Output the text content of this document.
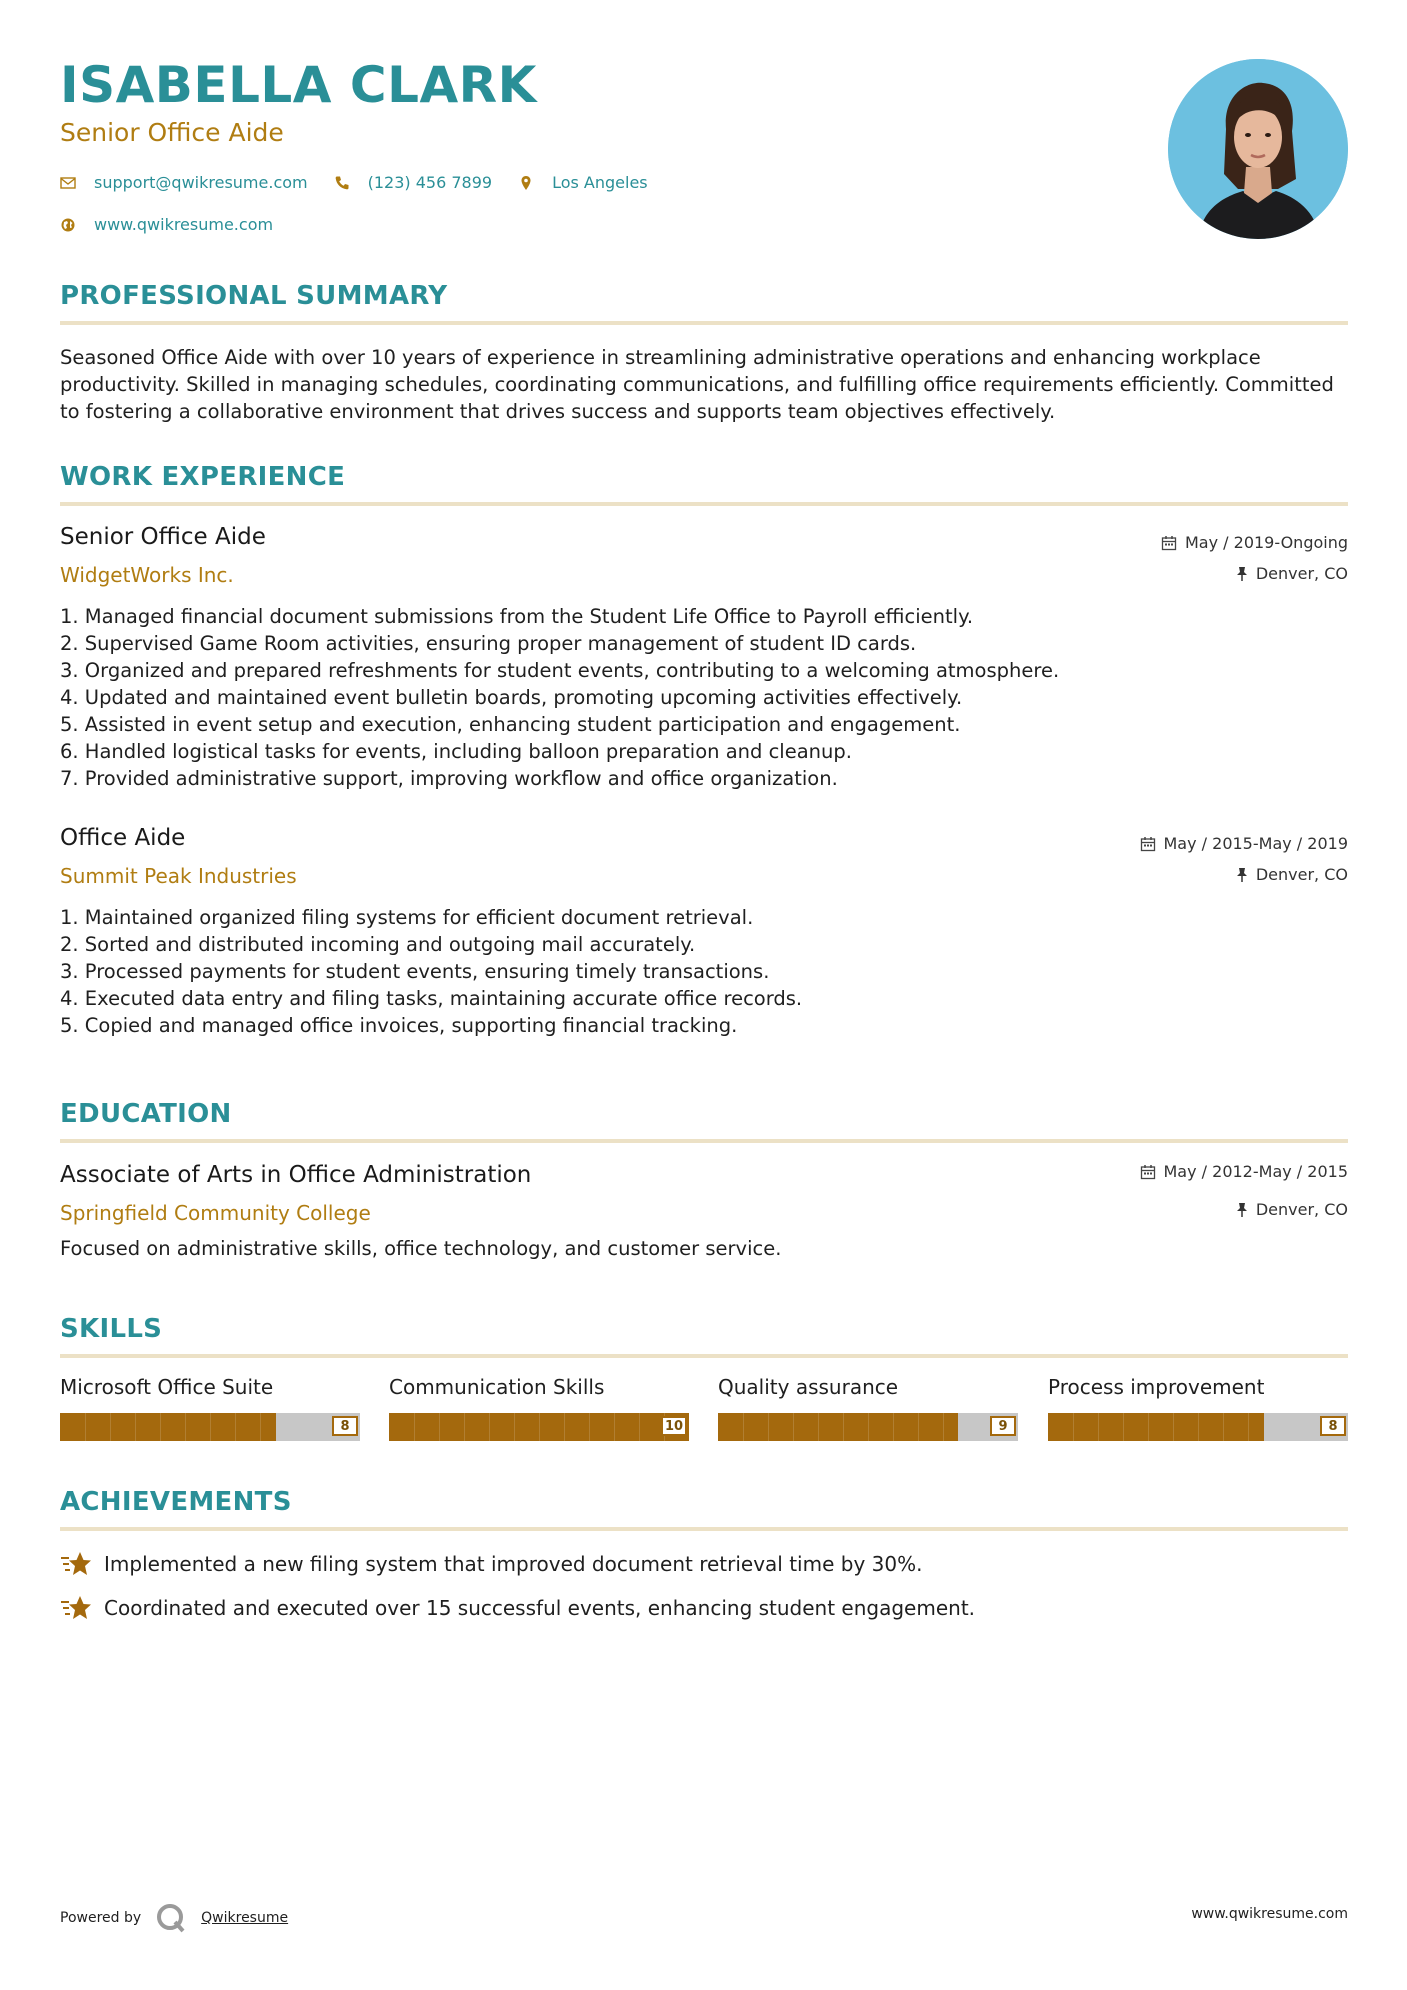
ISABELLA CLARK

Senior Office Aide

support@qwikresume.com	(123) 456 7899	Los Angeles
www.qwikresume.com
PROFESSIONAL SUMMARY

Seasoned Office Aide with over 10 years of experience in streamlining administrative operations and enhancing workplace productivity. Skilled in managing schedules, coordinating communications, and fulfilling office requirements efficiently. Committed to fostering a collaborative environment that drives success and supports team objectives effectively.

WORK EXPERIENCE

Senior Office Aide

WidgetWorks Inc.

May / 2019-Ongoing
Denver, CO
1. Managed financial document submissions from the Student Life Office to Payroll efficiently.
2. Supervised Game Room activities, ensuring proper management of student ID cards.
3. Organized and prepared refreshments for student events, contributing to a welcoming atmosphere.
4. Updated and maintained event bulletin boards, promoting upcoming activities effectively.
5. Assisted in event setup and execution, enhancing student participation and engagement.
6. Handled logistical tasks for events, including balloon preparation and cleanup.
7. Provided administrative support, improving workflow and office organization.

Office Aide

Summit Peak Industries

May / 2015-May / 2019
Denver, CO
1. Maintained organized filing systems for efficient document retrieval.
2. Sorted and distributed incoming and outgoing mail accurately.
3. Processed payments for student events, ensuring timely transactions.
4. Executed data entry and filing tasks, maintaining accurate office records.
5. Copied and managed office invoices, supporting financial tracking.
EDUCATION

Associate of Arts in Office Administration

Springfield Community College

May / 2012-May / 2015
Denver, CO

Focused on administrative skills, office technology, and customer service.

SKILLS

Microsoft Office Suite

8

Communication Skills

10

Quality assurance

9

Process improvement

8
ACHIEVEMENTS
Implemented a new filing system that improved document retrieval time by 30%.
Coordinated and executed over 15 successful events, enhancing student engagement.
Powered by	Qwikresume	www.qwikresume.com
